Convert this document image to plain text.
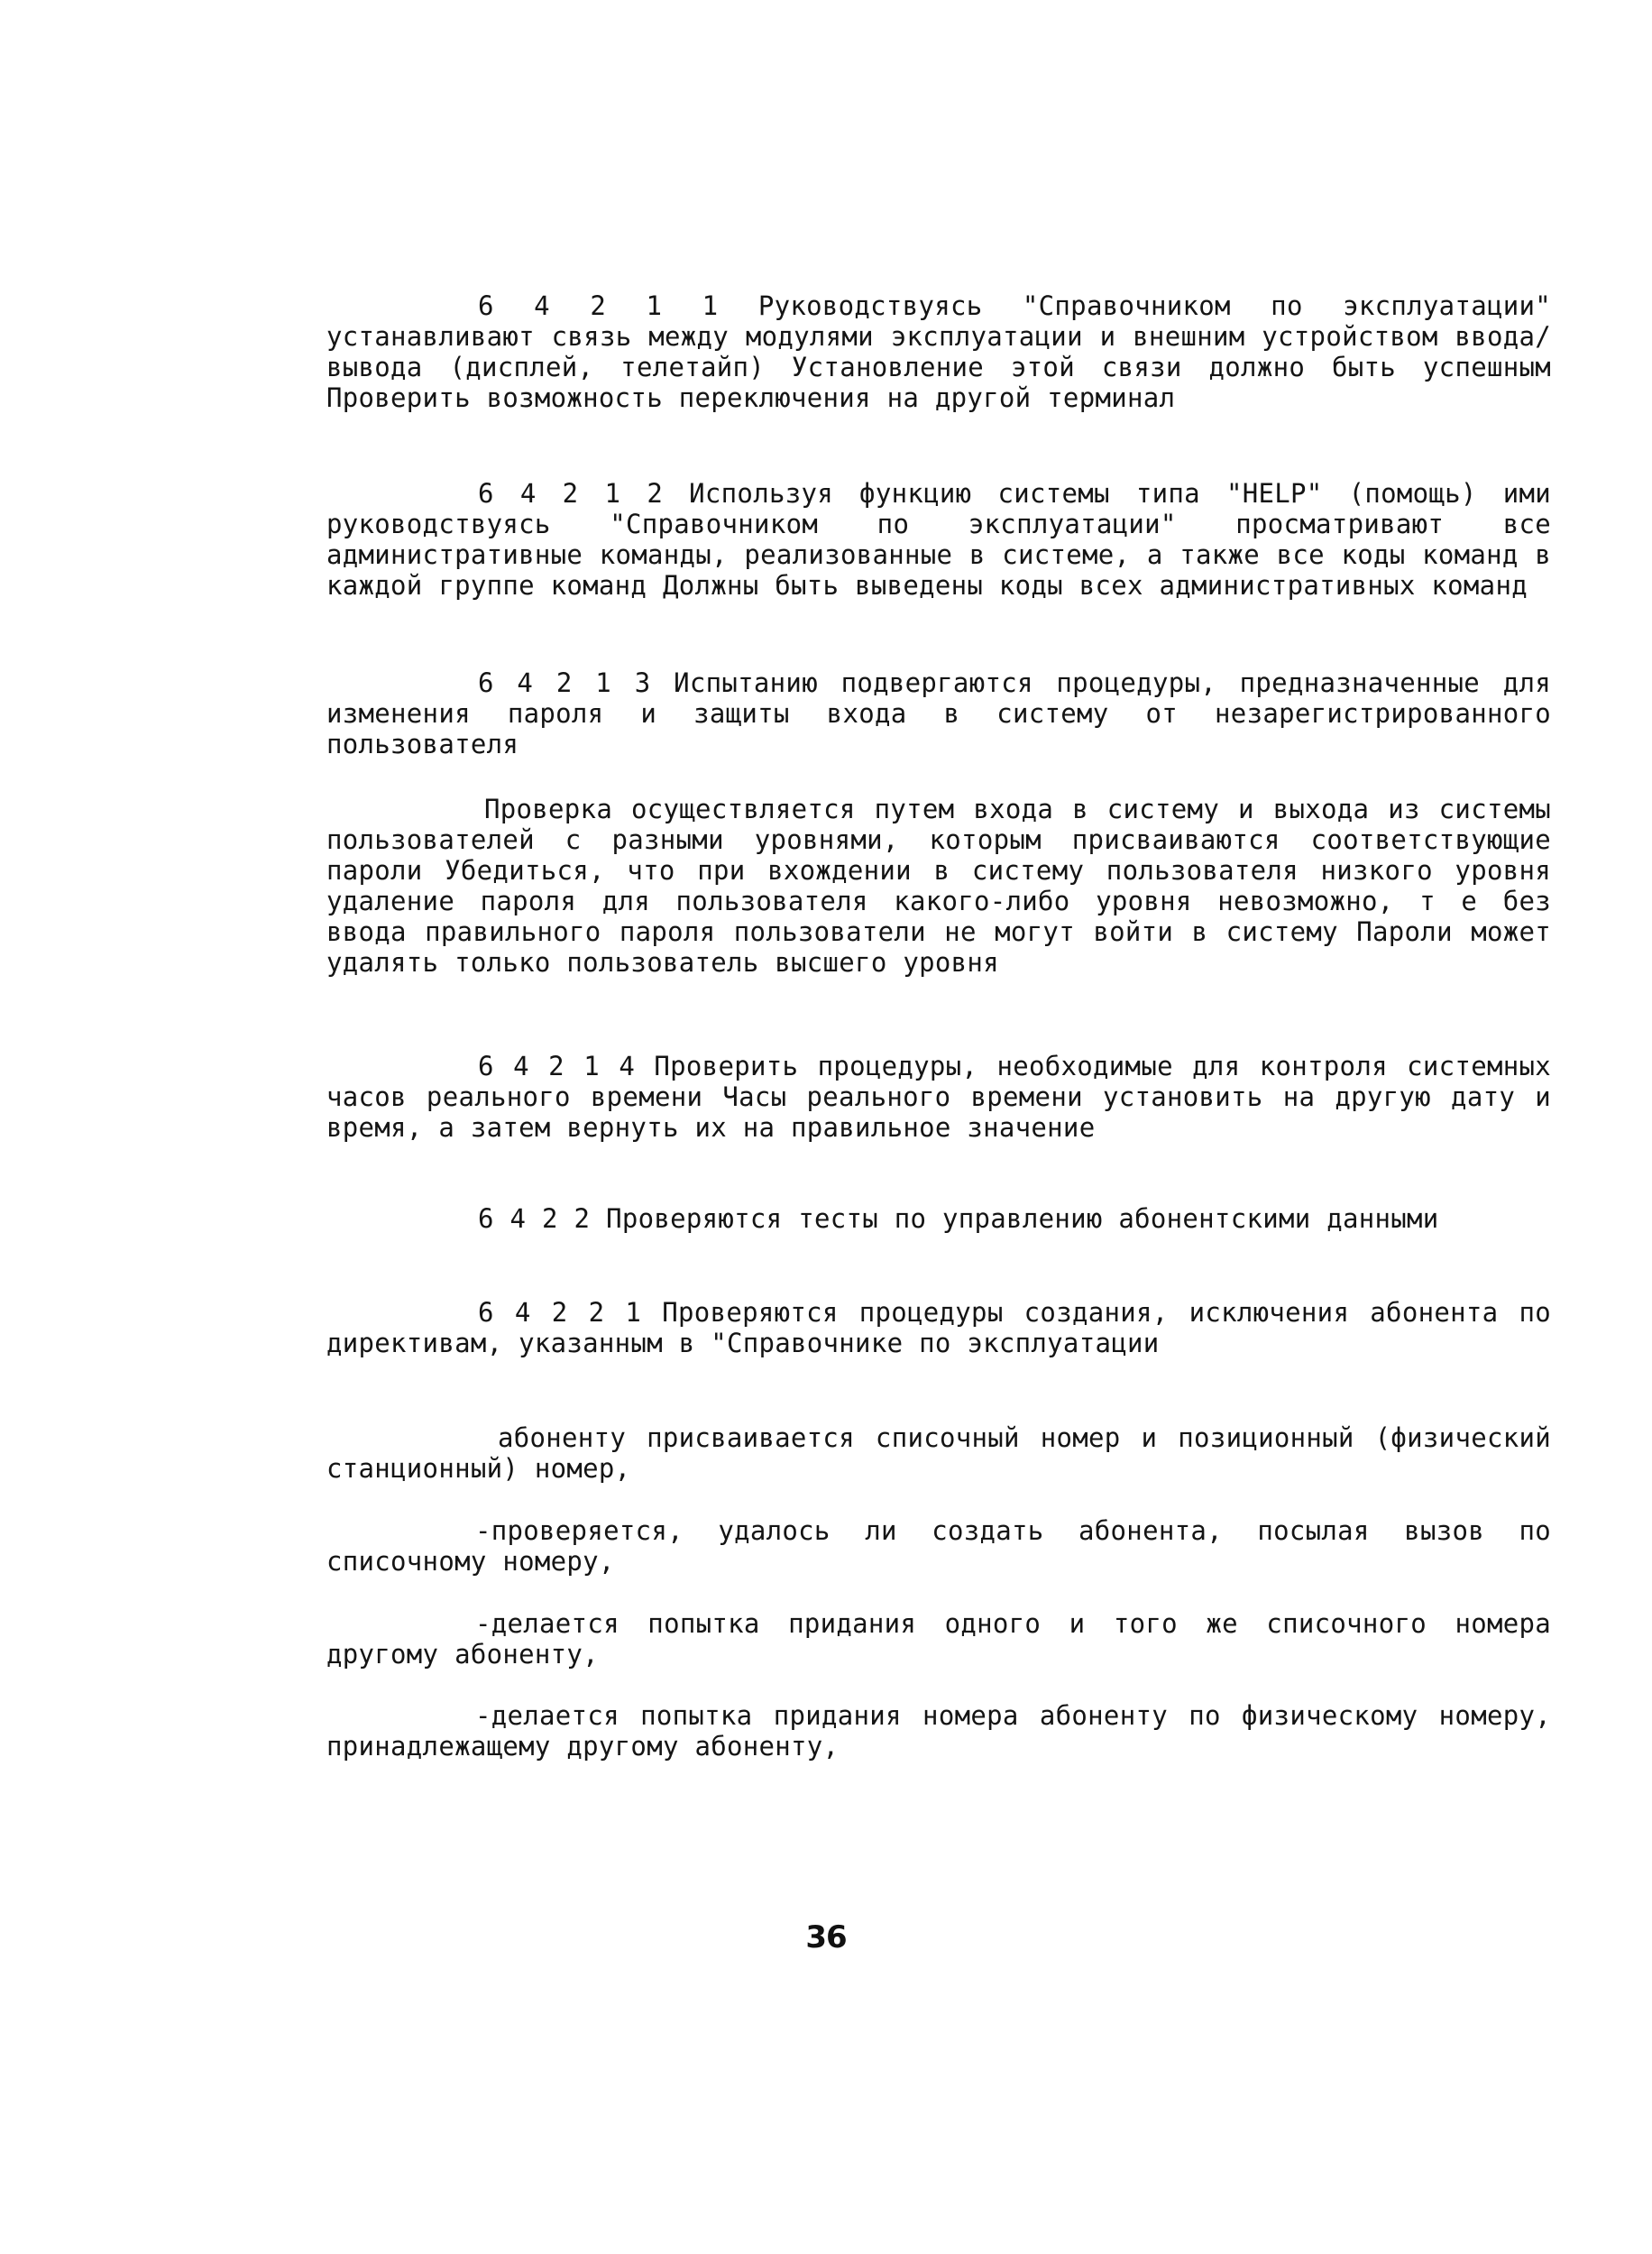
6 4 2 1 1 Руководствуясь "Справочником по эксплуатации" устанавливают связь между модулями эксплуатации и внешним устройством ввода/вывода (дисплей, телетайп) Установление этой связи должно быть успешным Проверить возможность переключения на другой терминал

6 4 2 1 2 Используя функцию системы типа "HELP" (помощь) ими руководствуясь "Справочником по эксплуатации" просматривают все административные команды, реализованные в системе, а также все коды команд в каждой группе команд Должны быть выведены коды всех административных команд

6 4 2 1 3 Испытанию подвергаются процедуры, предназначенные для изменения пароля и защиты входа в систему от незарегистрированного пользователя

Проверка осуществляется путем входа в систему и выхода из системы пользователей с разными уровнями, которым присваиваются соответствующие пароли Убедиться, что при вхождении в систему пользователя низкого уровня удаление пароля для пользователя какого-либо уровня невозможно, т е без ввода правильного пароля пользователи не могут войти в систему Пароли может удалять только пользователь высшего уровня

6 4 2 1 4 Проверить процедуры, необходимые для контроля системных часов реального времени Часы реального времени установить на другую дату и время, а затем вернуть их на правильное значение

6 4 2 2 Проверяются тесты по управлению абонентскими данными

6 4 2 2 1 Проверяются процедуры создания, исключения абонента по директивам, указанным в "Справочнике по эксплуатации

абоненту присваивается списочный номер и позиционный (физический станционный) номер,

-проверяется, удалось ли создать абонента, посылая вызов по списочному номеру,

-делается попытка придания одного и того же списочного номера другому абоненту,

-делается попытка придания номера абоненту по физическому номеру, принадлежащему другому абоненту,

36
